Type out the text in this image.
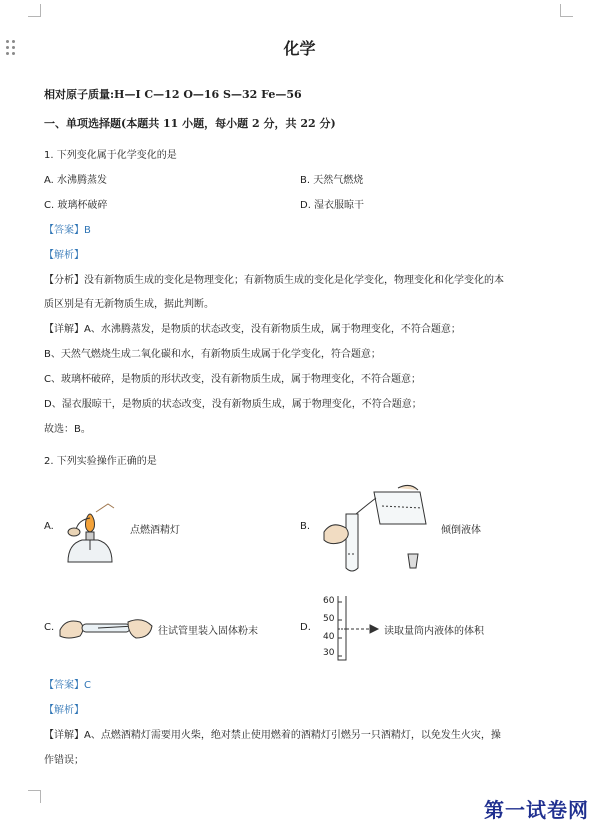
化学
相对原子质量:H—I C—12 O—16 S—32 Fe—56
一、单项选择题(本题共 11 小题，每小题 2 分，共 22 分)
1. 下列变化属于化学变化的是
A. 水沸腾蒸发	B. 天然气燃烧
C. 玻璃杯破碎	D. 湿衣服晾干
【答案】B
【解析】
【分析】没有新物质生成的变化是物理变化；有新物质生成的变化是化学变化，物理变化和化学变化的本
质区别是有无新物质生成，据此判断。
【详解】A、水沸腾蒸发，是物质的状态改变，没有新物质生成，属于物理变化，不符合题意；
B、天然气燃烧生成二氧化碳和水，有新物质生成属于化学变化，符合题意；
C、玻璃杯破碎，是物质的形状改变，没有新物质生成，属于物理变化，不符合题意；
D、湿衣服晾干，是物质的状态改变，没有新物质生成，属于物理变化，不符合题意；
故选：B。
2. 下列实验操作正确的是
A.	点燃酒精灯	B.	倾倒液体
C.	往试管里装入固体粉末	D.
60
50
40
30
读取量筒内液体的体积
【答案】C
【解析】
【详解】A、点燃酒精灯需要用火柴，绝对禁止使用燃着的酒精灯引燃另一只酒精灯，以免发生火灾，操
作错误；
第一试卷网
